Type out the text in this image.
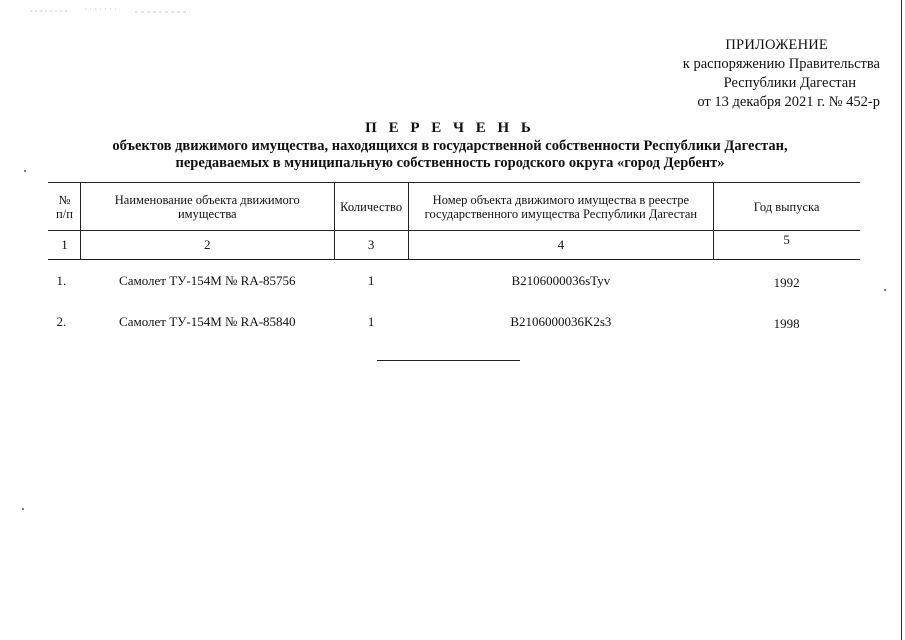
ПРИЛОЖЕНИЕ
к распоряжению Правительства
Республики Дагестан
от 13 декабря 2021 г. № 452-р
П Е Р Е Ч Е Н Ь
объектов движимого имущества, находящихся в государственной собственности Республики Дагестан,
передаваемых в муниципальную собственность городского округа «город Дербент»
№ п/п	Наименование объекта движимого имущества	Количество	Номер объекта движимого имущества в реестре государственного имущества Республики Дагестан	Год выпуска
1	2	3	4	5
1.	Самолет ТУ-154М № RA-85756	1	B2106000036sTyv	1992
2.	Самолет ТУ-154М № RA-85840	1	B2106000036K2s3	1998
